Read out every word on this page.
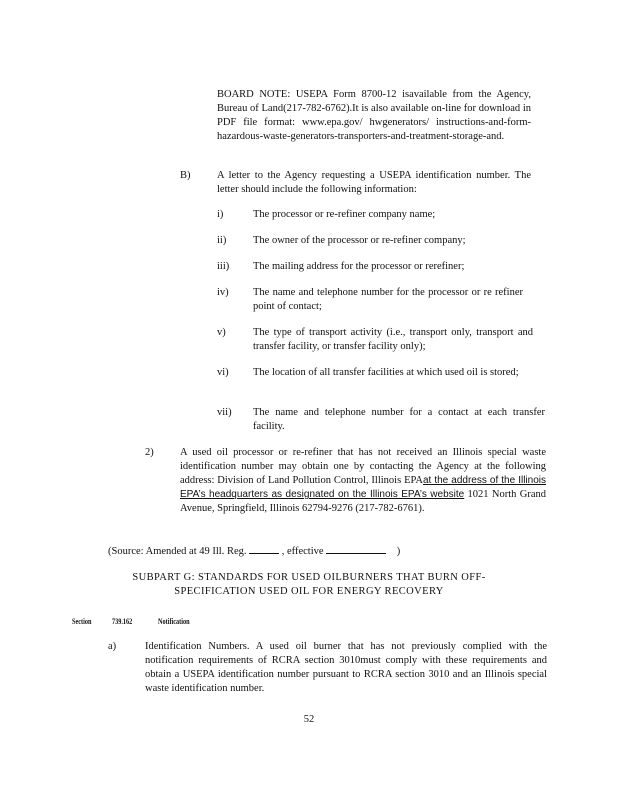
BOARD NOTE: USEPA Form 8700-12 isavailable from the Agency, Bureau of Land(217-782-6762).It is also available on-line for download in PDF file format: www.epa.gov/ hwgenerators/ instructions-and-form-hazardous-waste-generators-transporters-and-treatment-storage-and.

B)	A letter to the Agency requesting a USEPA identification number. The letter should include the following information:

i)	The processor or re-refiner company name;
ii)	The owner of the processor or re-refiner company;
iii) The mailing address for the processor or rerefiner;
iv) The name and telephone number for the processor or re refiner point of contact;
v)	The type of transport activity (i.e., transport only, transport and transfer facility, or transfer facility only);
vi) The location of all transfer facilities at which used oil is stored;
vii) The name and telephone number for a contact at each transfer facility.
2)	A used oil processor or re-refiner that has not received an Illinois special waste identification number may obtain one by contacting the Agency at the following address: Division of Land Pollution Control, Illinois EPAat the address of the Illinois EPA’s headquarters as designated on the Illinois EPA’s website 1021 North Grand Avenue, Springfield, Illinois 62794-9276 (217-782-6761).

(Source: Amended at 49 Ill. Reg.	, effective	)
SUBPART G: STANDARDS FOR USED OILBURNERS THAT BURN OFF-
SPECIFICATION USED OIL FOR ENERGY RECOVERY
Section	739.162	Notification
a)	Identification Numbers. A used oil burner that has not previously complied with the notification requirements of RCRA section 3010must comply with these requirements and obtain a USEPA identification number pursuant to RCRA section 3010 and an Illinois special waste identification number.

52
